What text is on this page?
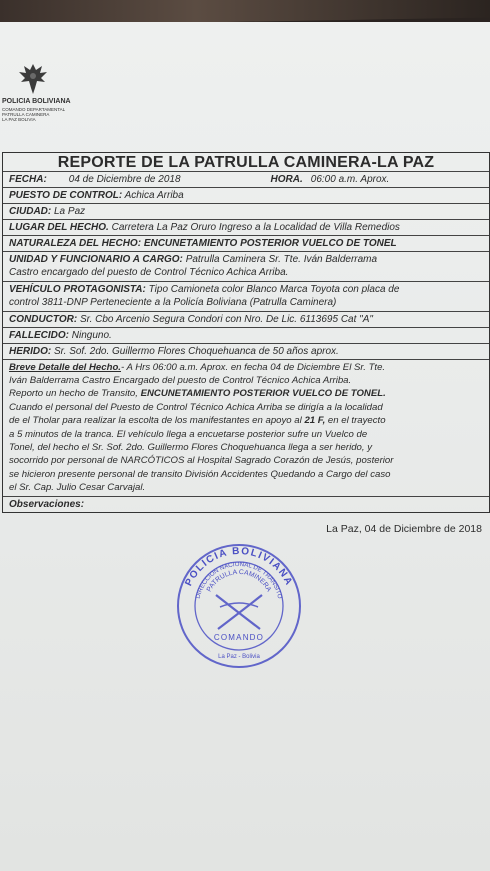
POLICIA BOLIVIANA
COMANDO DEPARTAMENTAL
PATRULLA CAMINERA
LA PAZ BOLIVIA
REPORTE DE LA PATRULLA CAMINERA-LA PAZ
FECHA: 04 de Diciembre de 2018	HORA. 06:00 a.m. Aprox.
PUESTO DE CONTROL: Achica Arriba
CIUDAD: La Paz
LUGAR DEL HECHO. Carretera La Paz Oruro Ingreso a la Localidad de Villa Remedios
NATURALEZA DEL HECHO: ENCUNETAMIENTO POSTERIOR VUELCO DE TONEL
UNIDAD Y FUNCIONARIO A CARGO: Patrulla Caminera Sr. Tte. Iván Balderrama
Castro encargado del puesto de Control Técnico Achica Arriba.
VEHÍCULO PROTAGONISTA: Tipo Camioneta color Blanco Marca Toyota con placa de
control 3811-DNP Perteneciente a la Policía Boliviana (Patrulla Caminera)
CONDUCTOR: Sr. Cbo Arcenio Segura Condori con Nro. De Lic. 6113695 Cat "A"
FALLECIDO: Ninguno.
HERIDO: Sr. Sof. 2do. Guillermo Flores Choquehuanca de 50 años aprox.
Breve Detalle del Hecho.- A Hrs 06:00 a.m. Aprox. en fecha 04 de Diciembre El Sr. Tte.
Iván Balderrama Castro Encargado del puesto de Control Técnico Achica Arriba.
Reporto un hecho de Transito, ENCUNETAMIENTO POSTERIOR VUELCO DE TONEL.
Cuando el personal del Puesto de Control Técnico Achica Arriba se dirigía a la localidad
de el Tholar para realizar la escolta de los manifestantes en apoyo al 21 F, en el trayecto
a 5 minutos de la tranca. El vehículo llega a encuetarse posterior sufre un Vuelco de
Tonel, del hecho el Sr. Sof. 2do. Guillermo Flores Choquehuanca llega a ser herido, y
socorrido por personal de NARCÓTICOS al Hospital Sagrado Corazón de Jesús, posterior
se hicieron presente personal de transito División Accidentes Quedando a Cargo del caso
el Sr. Cap. Julio Cesar Carvajal.
Observaciones:
La Paz, 04 de Diciembre de 2018
POLICIA BOLIVIANA
DIRECCION NACIONAL DE TRANSITO
PATRULLA CAMINERA
COMANDO
La Paz - Bolivia
